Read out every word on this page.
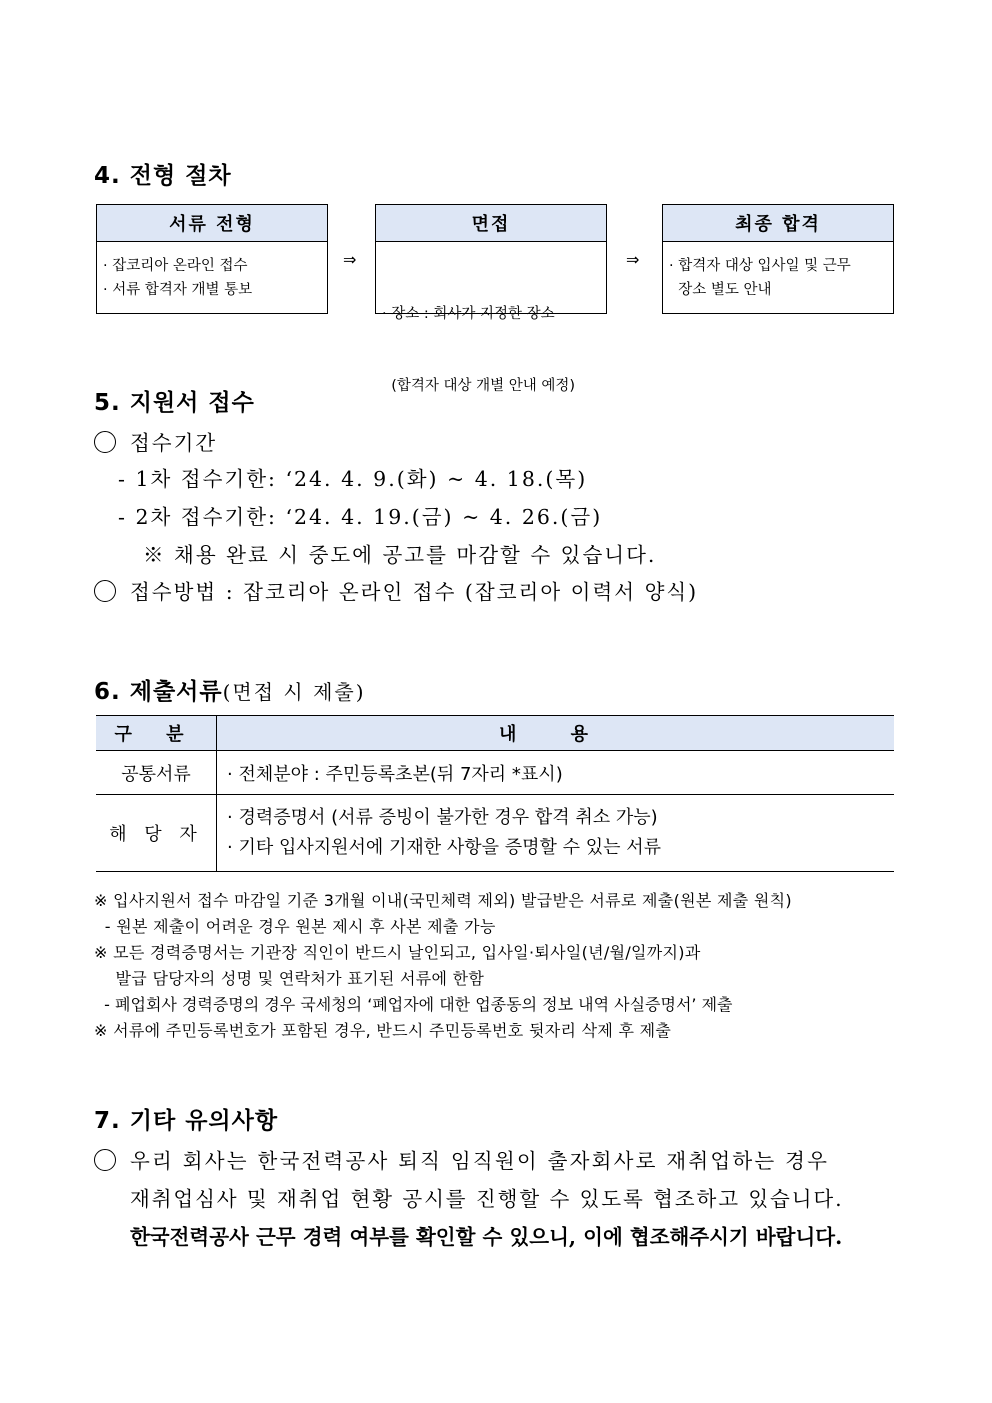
4. 전형 절차
서류 전형
· 잡코리아 온라인 접수
· 서류 합격자 개별 통보
⇒
면접

· 장소 : 회사가 지정한 장소

(합격자 대상 개별 안내 예정)

⇒
최종 합격
· 합격자 대상 입사일 및 근무
장소 별도 안내
5. 지원서 접수
접수기간
- 1차 접수기한: ‘24. 4. 9.(화) ~ 4. 18.(목)
- 2차 접수기한: ‘24. 4. 19.(금) ~ 4. 26.(금)
※ 채용 완료 시 중도에 공고를 마감할 수 있습니다.
접수방법 : 잡코리아 온라인 접수 (잡코리아 이력서 양식)
6. 제출서류(면접 시 제출)
구 분	내 용
공통서류	· 전체분야 : 주민등록초본(뒤 7자리 *표시)
해 당 자
· 경력증명서 (서류 증빙이 불가한 경우 합격 취소 가능)
· 기타 입사지원서에 기재한 사항을 증명할 수 있는 서류
※ 입사지원서 접수 마감일 기준 3개월 이내(국민체력 제외) 발급받은 서류로 제출(원본 제출 원칙)
- 원본 제출이 어려운 경우 원본 제시 후 사본 제출 가능
※ 모든 경력증명서는 기관장 직인이 반드시 날인되고, 입사일·퇴사일(년/월/일까지)과
발급 담당자의 성명 및 연락처가 표기된 서류에 한함
- 폐업회사 경력증명의 경우 국세청의 ‘폐업자에 대한 업종동의 정보 내역 사실증명서’ 제출
※ 서류에 주민등록번호가 포함된 경우, 반드시 주민등록번호 뒷자리 삭제 후 제출
7. 기타 유의사항
우리 회사는 한국전력공사 퇴직 임직원이 출자회사로 재취업하는 경우
재취업심사 및 재취업 현황 공시를 진행할 수 있도록 협조하고 있습니다.
한국전력공사 근무 경력 여부를 확인할 수 있으니, 이에 협조해주시기 바랍니다.
